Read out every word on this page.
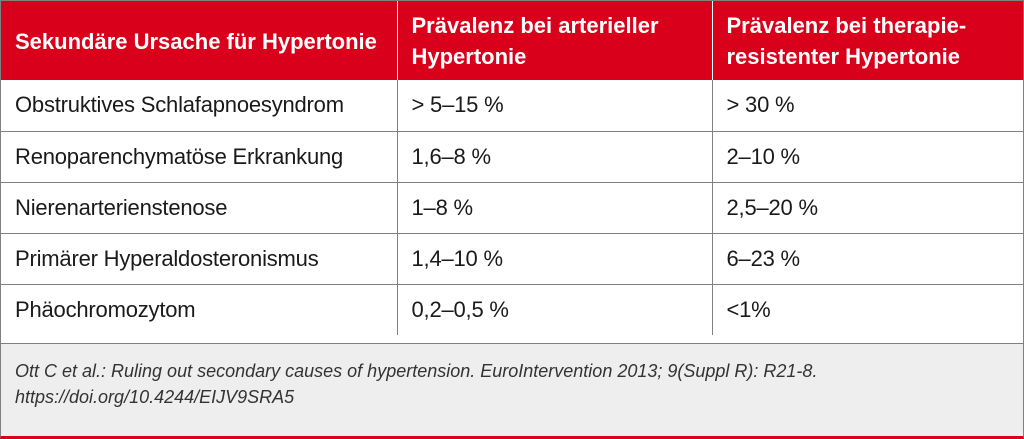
Sekundäre Ursache für Hypertonie	Prävalenz bei arterieller Hypertonie	Prävalenz bei therapie-resistenter Hypertonie
Obstruktives Schlafapnoesyndrom	> 5–15 %	> 30 %
Renoparenchymatöse Erkrankung	1,6–8 %	2–10 %
Nierenarterienstenose	1–8 %	2,5–20 %
Primärer Hyperaldosteronismus	1,4–10 %	6–23 %
Phäochromozytom	0,2–0,5 %	<1%
Ott C et al.: Ruling out secondary causes of hypertension. EuroIntervention 2013; 9(Suppl R): R21-8. https://doi.org/10.4244/EIJV9SRA5
